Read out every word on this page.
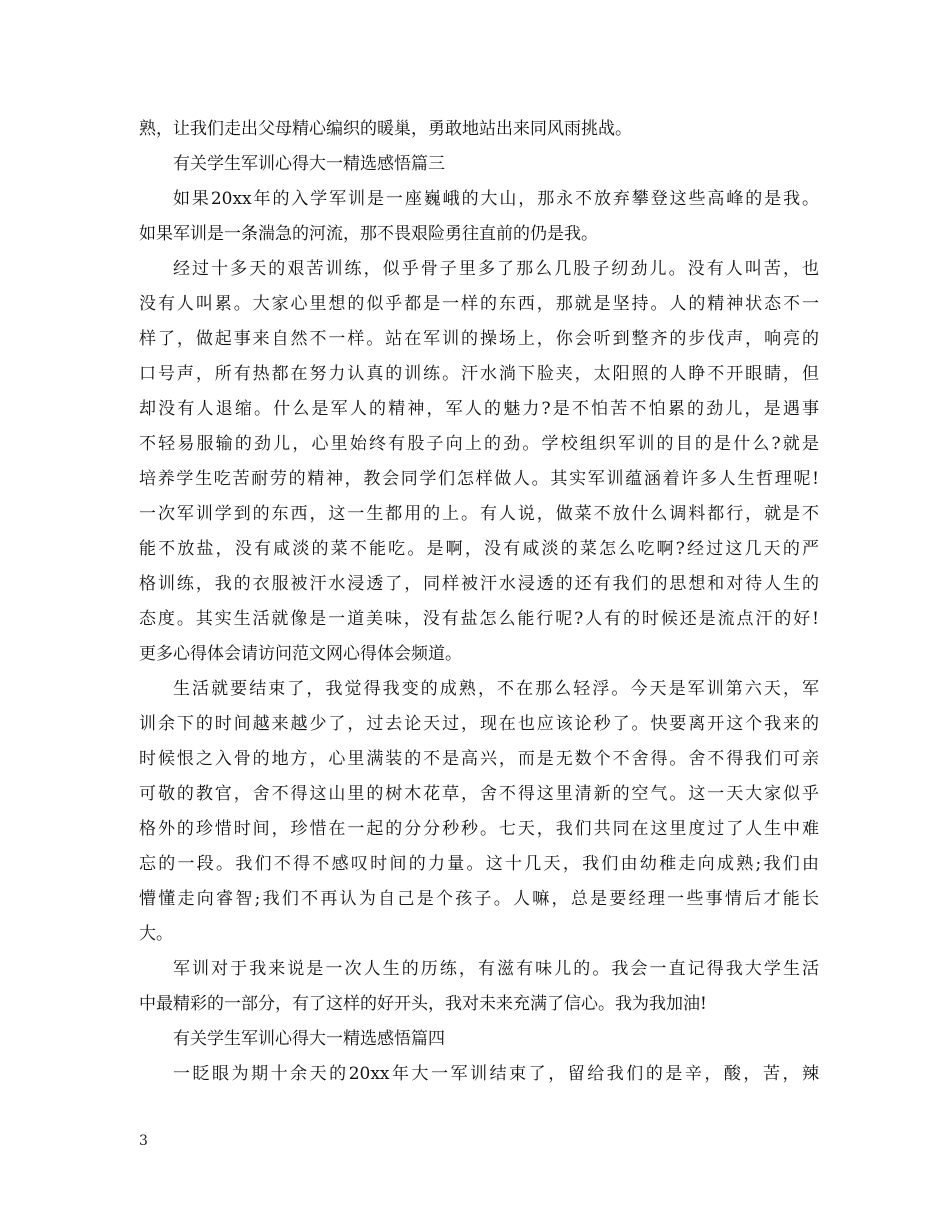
熟，让我们走出父母精心编织的暖巢，勇敢地站出来同风雨挑战。
有关学生军训心得大一精选感悟篇三
如果20xx年的入学军训是一座巍峨的大山，那永不放弃攀登这些高峰的是我。
如果军训是一条湍急的河流，那不畏艰险勇往直前的仍是我。
经过十多天的艰苦训练，似乎骨子里多了那么几股子纫劲儿。没有人叫苦，也
没有人叫累。大家心里想的似乎都是一样的东西，那就是坚持。人的精神状态不一
样了，做起事来自然不一样。站在军训的操场上，你会听到整齐的步伐声，响亮的
口号声，所有热都在努力认真的训练。汗水淌下脸夹，太阳照的人睁不开眼睛，但
却没有人退缩。什么是军人的精神，军人的魅力?是不怕苦不怕累的劲儿，是遇事
不轻易服输的劲儿，心里始终有股子向上的劲。学校组织军训的目的是什么?就是
培养学生吃苦耐劳的精神，教会同学们怎样做人。其实军训蕴涵着许多人生哲理呢!
一次军训学到的东西，这一生都用的上。有人说，做菜不放什么调料都行，就是不
能不放盐，没有咸淡的菜不能吃。是啊，没有咸淡的菜怎么吃啊?经过这几天的严
格训练，我的衣服被汗水浸透了，同样被汗水浸透的还有我们的思想和对待人生的
态度。其实生活就像是一道美味，没有盐怎么能行呢?人有的时候还是流点汗的好!
更多心得体会请访问范文网心得体会频道。
生活就要结束了，我觉得我变的成熟，不在那么轻浮。今天是军训第六天，军
训余下的时间越来越少了，过去论天过，现在也应该论秒了。快要离开这个我来的
时候恨之入骨的地方，心里满装的不是高兴，而是无数个不舍得。舍不得我们可亲
可敬的教官，舍不得这山里的树木花草，舍不得这里清新的空气。这一天大家似乎
格外的珍惜时间，珍惜在一起的分分秒秒。七天，我们共同在这里度过了人生中难
忘的一段。我们不得不感叹时间的力量。这十几天，我们由幼稚走向成熟;我们由
懵懂走向睿智;我们不再认为自己是个孩子。人嘛，总是要经理一些事情后才能长
大。
军训对于我来说是一次人生的历练，有滋有味儿的。我会一直记得我大学生活
中最精彩的一部分，有了这样的好开头，我对未来充满了信心。我为我加油!
有关学生军训心得大一精选感悟篇四
一眨眼为期十余天的20xx年大一军训结束了，留给我们的是辛，酸，苦，辣
3
